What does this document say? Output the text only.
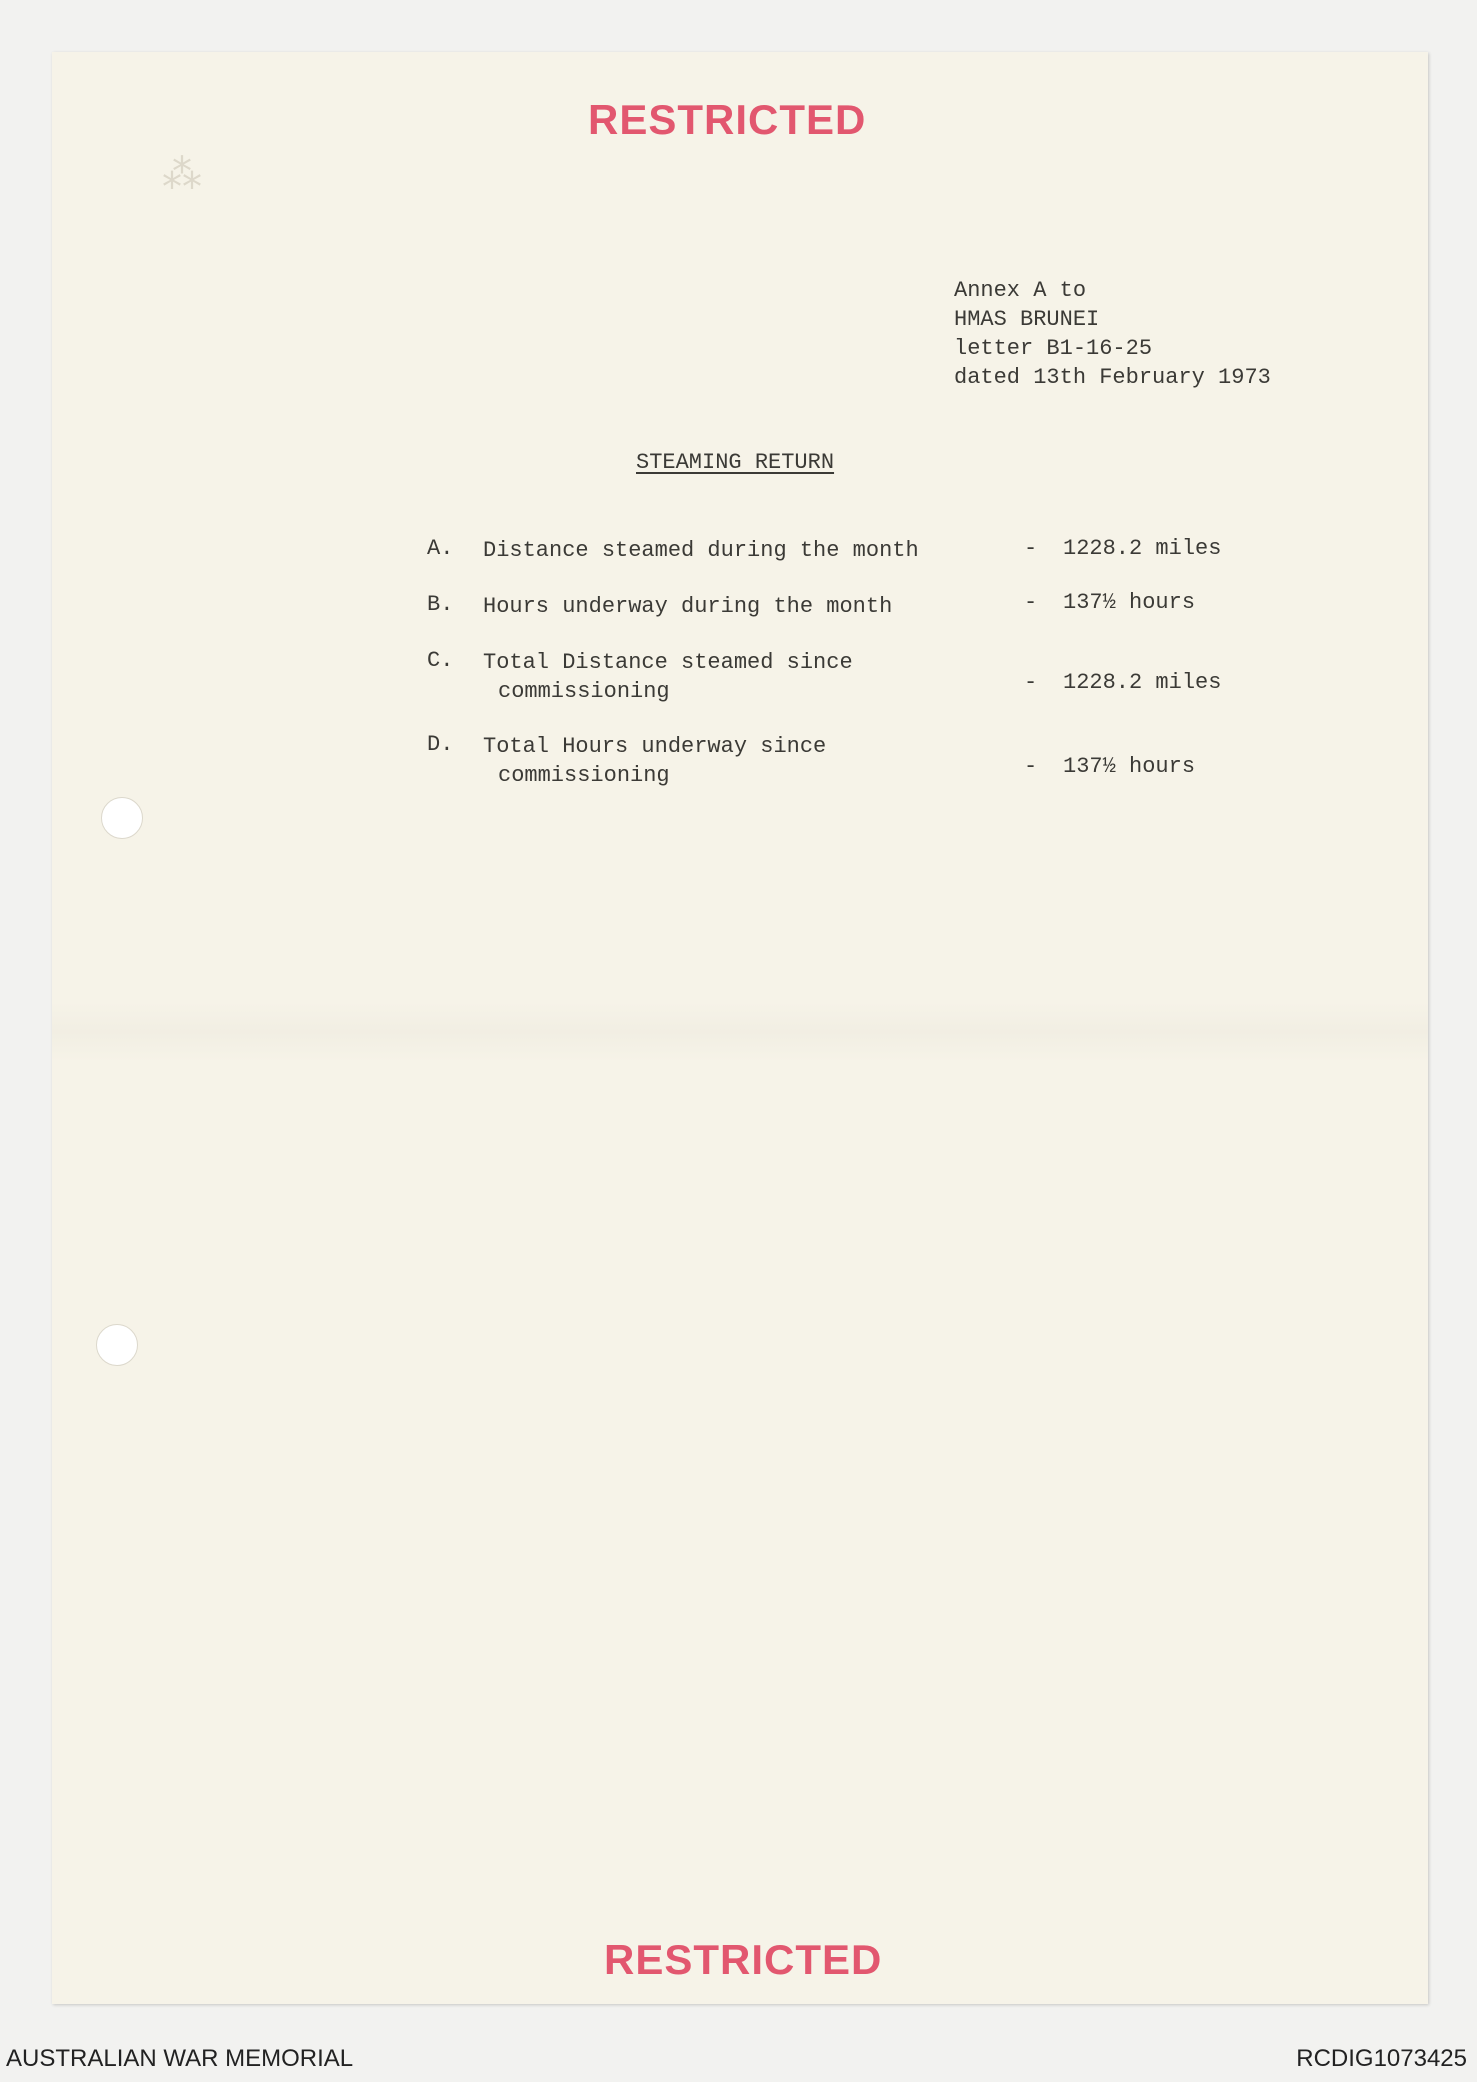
⁂
RESTRICTED
Annex A to
HMAS BRUNEI
letter B1-16-25
dated 13th February 1973
STEAMING RETURN
A. Distance steamed during the month	- 1228.2 miles
B. Hours underway during the month	- 137½ hours
C. Total Distance steamed since
commissioning	- 1228.2 miles
D. Total Hours underway since
commissioning	- 137½ hours
RESTRICTED
AUSTRALIAN WAR MEMORIAL	RCDIG1073425
